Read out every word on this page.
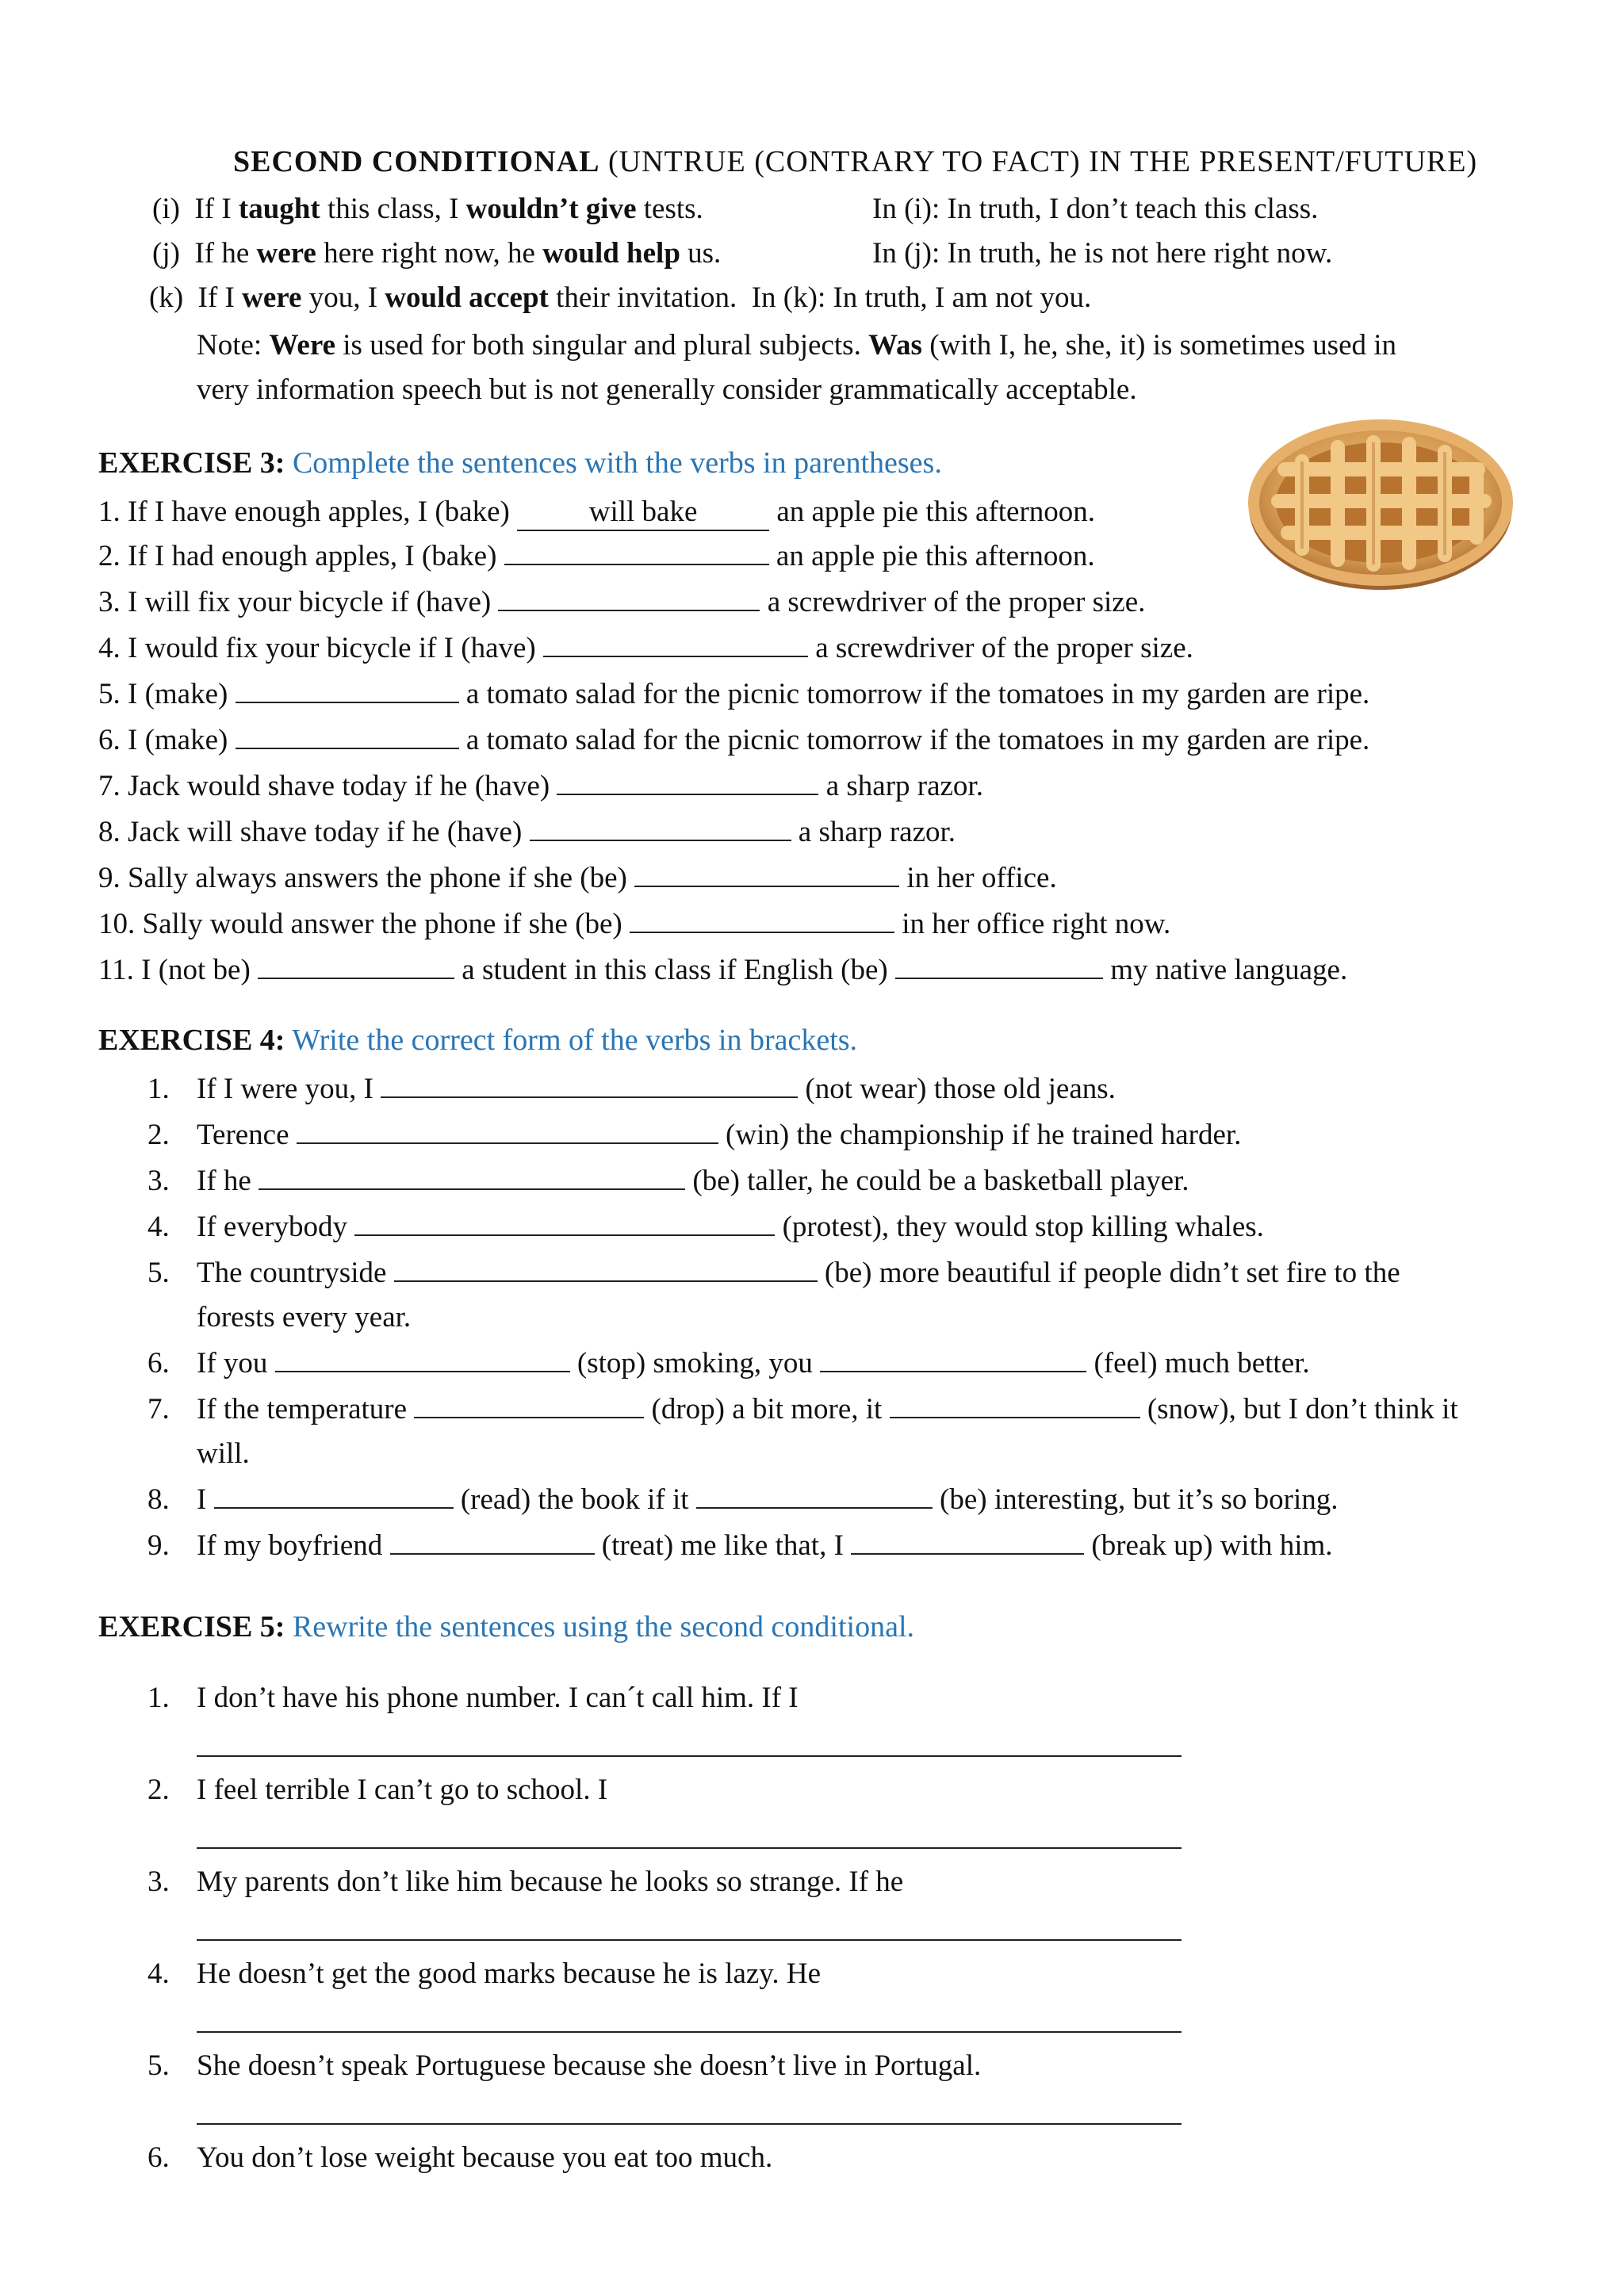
SECOND CONDITIONAL (UNTRUE (CONTRARY TO FACT) IN THE PRESENT/FUTURE)
(i) If I taught this class, I wouldn’t give tests.	In (i): In truth, I don’t teach this class.
(j) If he were here right now, he would help us.	In (j): In truth, he is not here right now.
(k) If I were you, I would accept their invitation. In (k): In truth, I am not you.
Note: Were is used for both singular and plural subjects. Was (with I, he, she, it) is sometimes used in
very information speech but is not generally consider grammatically acceptable.
EXERCISE 3: Complete the sentences with the verbs in parentheses.
1. If I have enough apples, I (bake) will bake an apple pie this afternoon.
2. If I had enough apples, I (bake)	an apple pie this afternoon.
3. I will fix your bicycle if (have)	a screwdriver of the proper size.
4. I would fix your bicycle if I (have)	a screwdriver of the proper size.
5. I (make)	a tomato salad for the picnic tomorrow if the tomatoes in my garden are ripe.
6. I (make)	a tomato salad for the picnic tomorrow if the tomatoes in my garden are ripe.
7. Jack would shave today if he (have)	a sharp razor.
8. Jack will shave today if he (have)	a sharp razor.
9. Sally always answers the phone if she (be)	in her office.
10. Sally would answer the phone if she (be)	in her office right now.
11. I (not be)	a student in this class if English (be)	my native language.
EXERCISE 4: Write the correct form of the verbs in brackets.
1. If I were you, I	(not wear) those old jeans.
2. Terence	(win) the championship if he trained harder.
3. If he	(be) taller, he could be a basketball player.
4. If everybody	(protest), they would stop killing whales.
5. The countryside	(be) more beautiful if people didn’t set fire to the
forests every year.
6. If you	(stop) smoking, you	(feel) much better.
7. If the temperature	(drop) a bit more, it	(snow), but I don’t think it
will.
8. I	(read) the book if it	(be) interesting, but it’s so boring.
9. If my boyfriend	(treat) me like that, I	(break up) with him.
EXERCISE 5: Rewrite the sentences using the second conditional.
1. I don’t have his phone number. I can´t call him. If I
2. I feel terrible I can’t go to school. I
3. My parents don’t like him because he looks so strange. If he
4. He doesn’t get the good marks because he is lazy. He
5. She doesn’t speak Portuguese because she doesn’t live in Portugal.
6. You don’t lose weight because you eat too much.
